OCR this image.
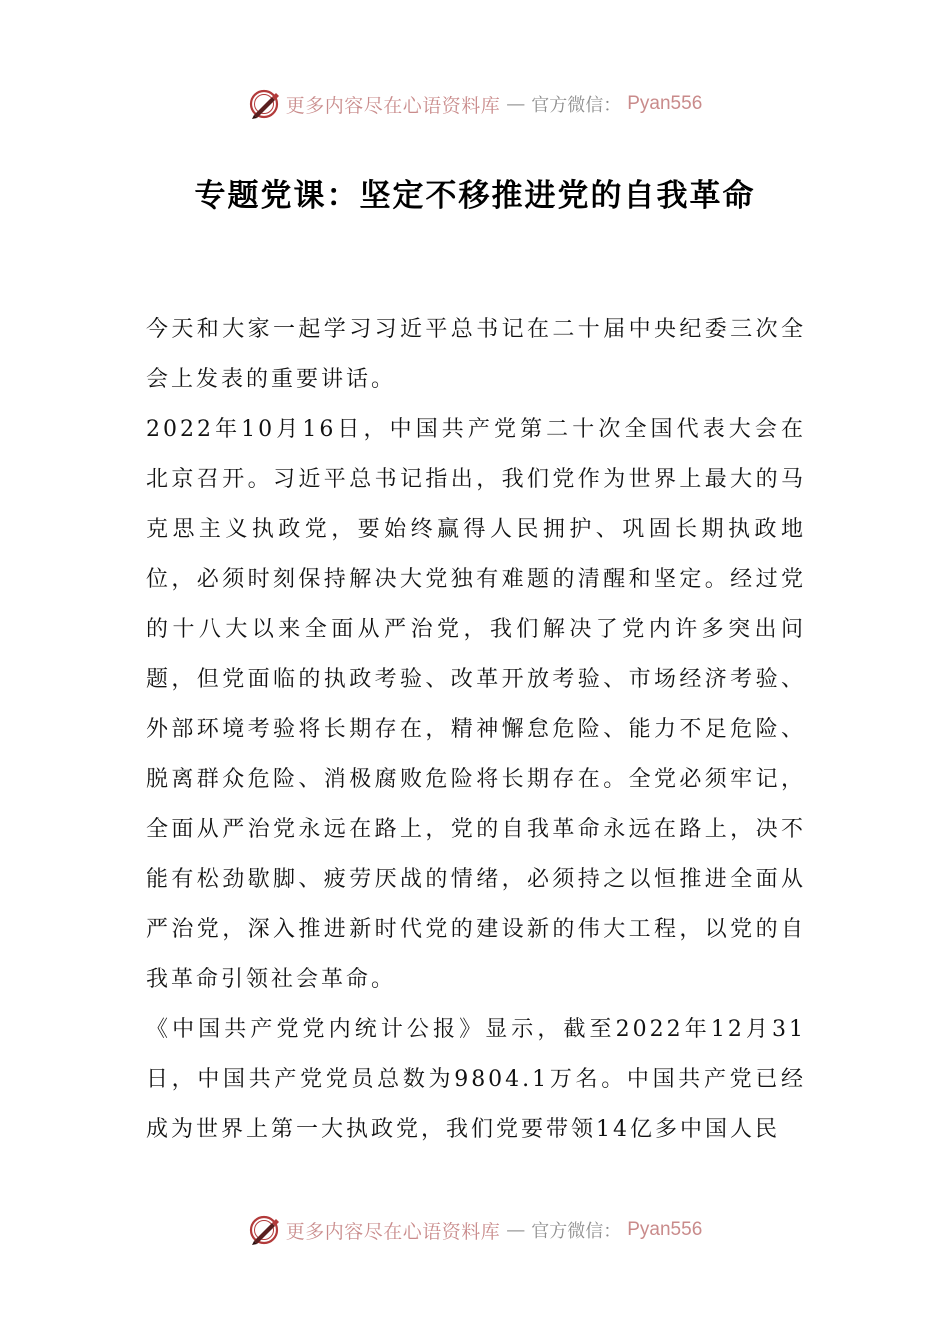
更多内容尽在心语资料库 — 官方微信： Pyan556
专题党课：坚定不移推进党的自我革命

今天和大家一起学习习近平总书记在二十届中央纪委三次全会上发表的重要讲话。

2022年10月16日，中国共产党第二十次全国代表大会在北京召开。习近平总书记指出，我们党作为世界上最大的马克思主义执政党，要始终赢得人民拥护、巩固长期执政地位，必须时刻保持解决大党独有难题的清醒和坚定。经过党的十八大以来全面从严治党，我们解决了党内许多突出问题，但党面临的执政考验、改革开放考验、市场经济考验、外部环境考验将长期存在，精神懈怠危险、能力不足危险、脱离群众危险、消极腐败危险将长期存在。全党必须牢记，全面从严治党永远在路上，党的自我革命永远在路上，决不能有松劲歇脚、疲劳厌战的情绪，必须持之以恒推进全面从严治党，深入推进新时代党的建设新的伟大工程，以党的自我革命引领社会革命。

《中国共产党党内统计公报》显示，截至2022年12月31日，中国共产党党员总数为9804.1万名。中国共产党已经成为世界上第一大执政党，我们党要带领14亿多中国人民

更多内容尽在心语资料库 — 官方微信： Pyan556
